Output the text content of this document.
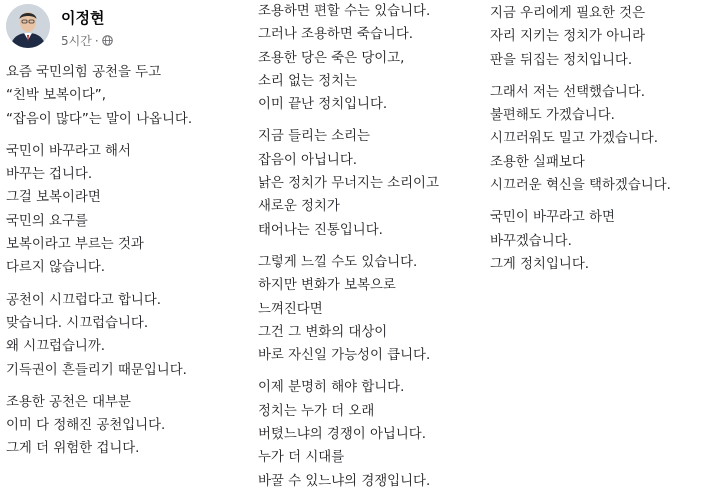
이정현
5시간 ·
요즘 국민의힘 공천을 두고
“친박 보복이다”,
“잡음이 많다”는 말이 나옵니다.
국민이 바꾸라고 해서
바꾸는 겁니다.
그걸 보복이라면
국민의 요구를
보복이라고 부르는 것과
다르지 않습니다.
공천이 시끄럽다고 합니다.
맞습니다. 시끄럽습니다.
왜 시끄럽습니까.
기득권이 흔들리기 때문입니다.
조용한 공천은 대부분
이미 다 정해진 공천입니다.
그게 더 위험한 겁니다.
조용하면 편할 수는 있습니다.
그러나 조용하면 죽습니다.
조용한 당은 죽은 당이고,
소리 없는 정치는
이미 끝난 정치입니다.
지금 들리는 소리는
잡음이 아닙니다.
낡은 정치가 무너지는 소리이고
새로운 정치가
태어나는 진통입니다.
그렇게 느낄 수도 있습니다.
하지만 변화가 보복으로
느껴진다면
그건 그 변화의 대상이
바로 자신일 가능성이 큽니다.
이제 분명히 해야 합니다.
정치는 누가 더 오래
버텼느냐의 경쟁이 아닙니다.
누가 더 시대를
바꿀 수 있느냐의 경쟁입니다.
지금 우리에게 필요한 것은
자리 지키는 정치가 아니라
판을 뒤집는 정치입니다.
그래서 저는 선택했습니다.
불편해도 가겠습니다.
시끄러워도 밀고 가겠습니다.
조용한 실패보다
시끄러운 혁신을 택하겠습니다.
국민이 바꾸라고 하면
바꾸겠습니다.
그게 정치입니다.
